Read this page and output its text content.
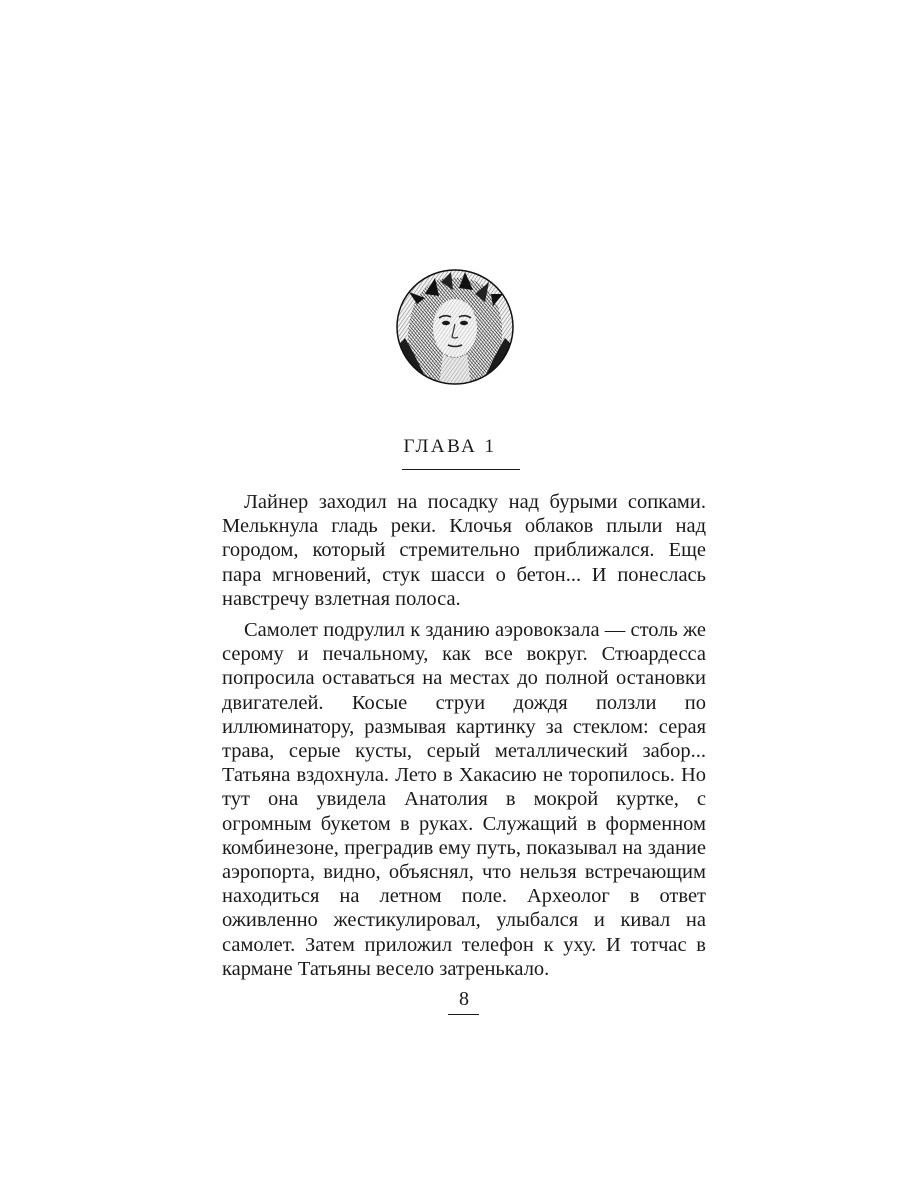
ГЛАВА 1

Лайнер заходил на посадку над бурыми сопками. Мелькнула гладь реки. Клочья облаков плыли над городом, который стремительно приближался. Еще пара мгновений, стук шасси о бетон... И понеслась навстречу взлетная полоса.

Самолет подрулил к зданию аэровокзала — столь же серому и печальному, как все вокруг. Стюардесса попросила оставаться на местах до полной остановки двигателей. Косые струи дождя ползли по иллюминатору, размывая картинку за стеклом: серая трава, серые кусты, серый металлический забор... Татьяна вздохнула. Лето в Хакасию не торопилось. Но тут она увидела Анатолия в мокрой куртке, с огромным букетом в руках. Служащий в форменном комбинезоне, преградив ему путь, показывал на здание аэропорта, видно, объяснял, что нельзя встречающим находиться на летном поле. Археолог в ответ оживленно жестикулировал, улыбался и кивал на самолет. Затем приложил телефон к уху. И тотчас в кармане Татьяны весело затренькало.

8
